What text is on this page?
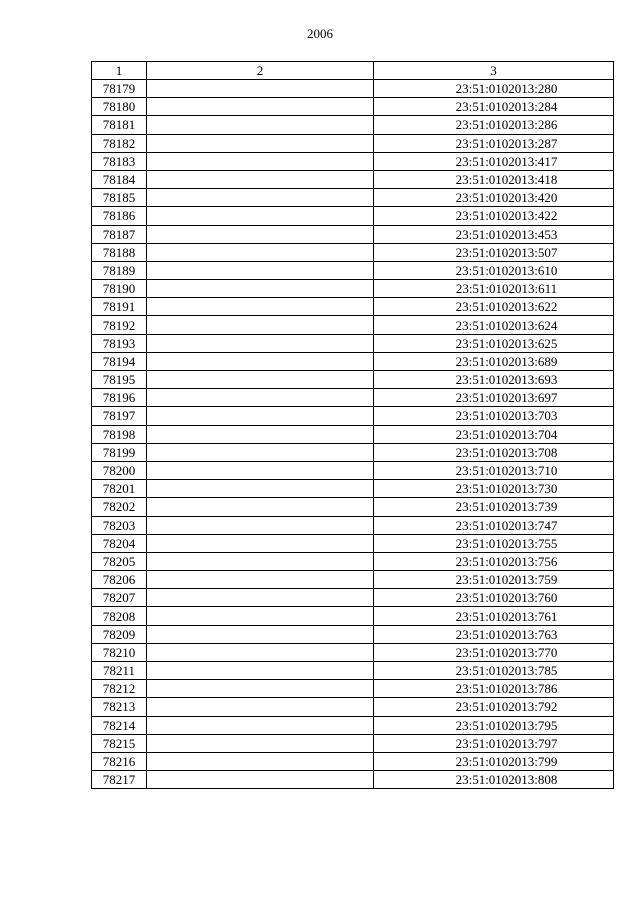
2006
1	2	3
78179		23:51:0102013:280
78180		23:51:0102013:284
78181		23:51:0102013:286
78182		23:51:0102013:287
78183		23:51:0102013:417
78184		23:51:0102013:418
78185		23:51:0102013:420
78186		23:51:0102013:422
78187		23:51:0102013:453
78188		23:51:0102013:507
78189		23:51:0102013:610
78190		23:51:0102013:611
78191		23:51:0102013:622
78192		23:51:0102013:624
78193		23:51:0102013:625
78194		23:51:0102013:689
78195		23:51:0102013:693
78196		23:51:0102013:697
78197		23:51:0102013:703
78198		23:51:0102013:704
78199		23:51:0102013:708
78200		23:51:0102013:710
78201		23:51:0102013:730
78202		23:51:0102013:739
78203		23:51:0102013:747
78204		23:51:0102013:755
78205		23:51:0102013:756
78206		23:51:0102013:759
78207		23:51:0102013:760
78208		23:51:0102013:761
78209		23:51:0102013:763
78210		23:51:0102013:770
78211		23:51:0102013:785
78212		23:51:0102013:786
78213		23:51:0102013:792
78214		23:51:0102013:795
78215		23:51:0102013:797
78216		23:51:0102013:799
78217		23:51:0102013:808
